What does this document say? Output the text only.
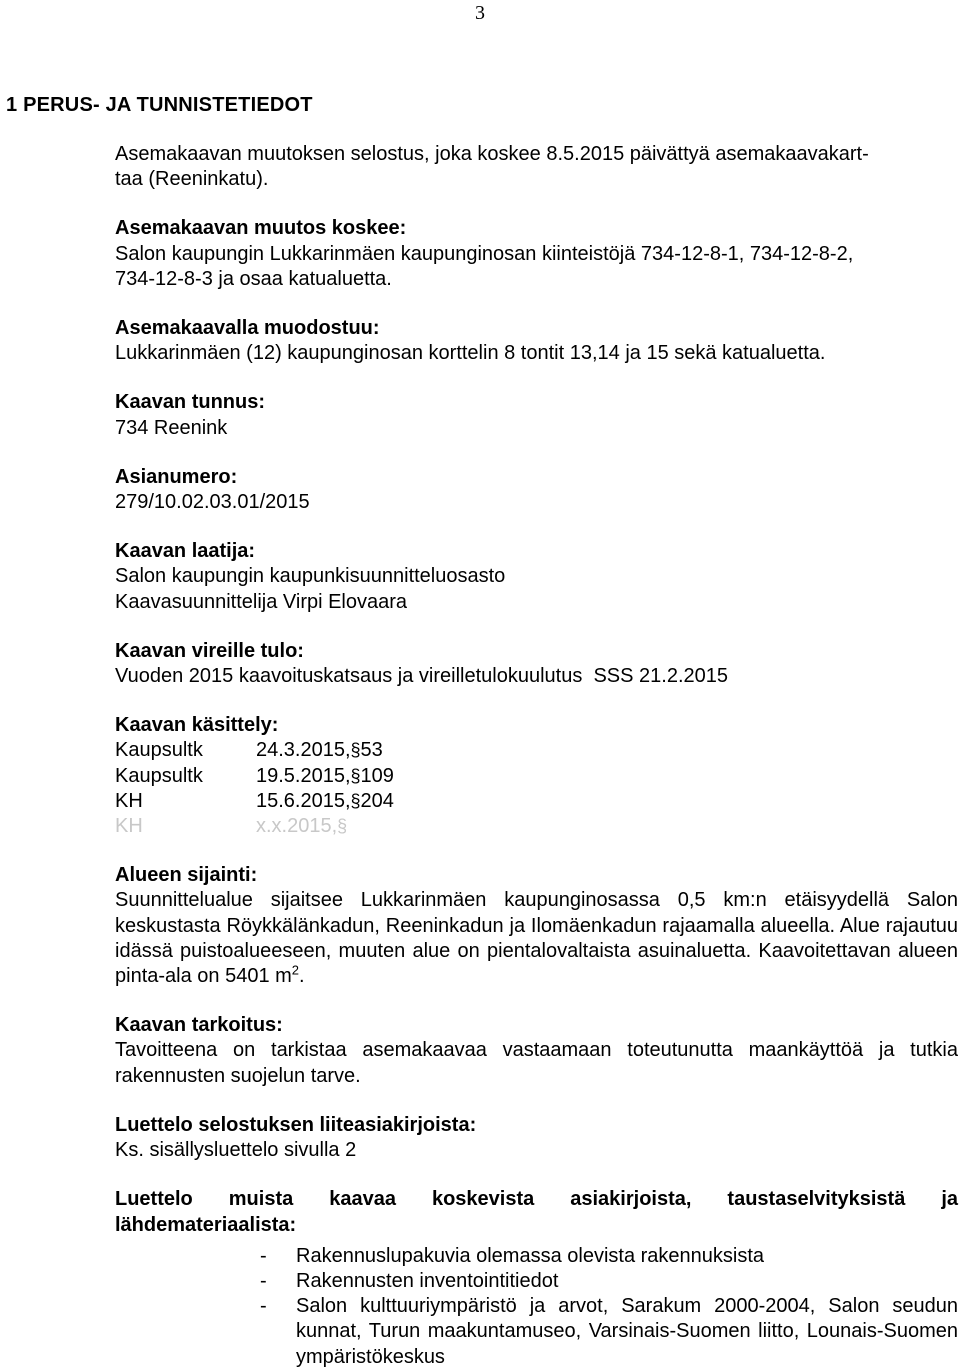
3
1 PERUS- JA TUNNISTETIEDOT

Asemakaavan muutoksen selostus, joka koskee 8.5.2015 päivättyä asemakaavakart-

taa (Reeninkatu).

Asemakaavan muutos koskee:

Salon kaupungin Lukkarinmäen kaupunginosan kiinteistöjä 734-12-8-1, 734-12-8-2,

734-12-8-3 ja osaa katualuetta.

Asemakaavalla muodostuu:

Lukkarinmäen (12) kaupunginosan korttelin 8 tontit 13,14 ja 15 sekä katualuetta.

Kaavan tunnus:

734 Reenink

Asianumero:

279/10.02.03.01/2015

Kaavan laatija:

Salon kaupungin kaupunkisuunnitteluosasto

Kaavasuunnittelija Virpi Elovaara

Kaavan vireille tulo:

Vuoden 2015 kaavoituskatsaus ja vireilletulokuulutus  SSS 21.2.2015

Kaavan käsittely:

Kaupsultk	24.3.2015, § 53
Kaupsultk	19.5.2015, § 109
KH	15.6.2015, § 204
KH	x.x.2015, §

Alueen sijainti:

Suunnittelualue sijaitsee Lukkarinmäen kaupunginosassa 0,5 km:n etäisyydellä Salon keskustasta Röykkälänkadun, Reeninkadun ja Ilomäenkadun rajaamalla alueella. Alue rajautuu idässä puistoalueeseen, muuten alue on pientalovaltaista asuinaluetta. Kaavoitettavan alueen pinta-ala on 5401 $m^2$.

Kaavan tarkoitus:

Tavoitteena on tarkistaa asemakaavaa vastaamaan toteutunutta maankäyttöä ja tutkia rakennusten suojelun tarve.

Luettelo selostuksen liiteasiakirjoista:

Ks. sisällysluettelo sivulla 2

Luettelo muista kaavaa koskevista asiakirjoista, taustaselvityksistä ja lähdemateriaalista:

-	Rakennuslupakuvia olemassa olevista rakennuksista
-	Rakennusten inventointitiedot
-	Salon kulttuuriympäristö ja arvot, Sarakum 2000-2004, Salon seudun kunnat, Turun maakuntamuseo, Varsinais-Suomen liitto, Lounais-Suomen ympäristökeskus
